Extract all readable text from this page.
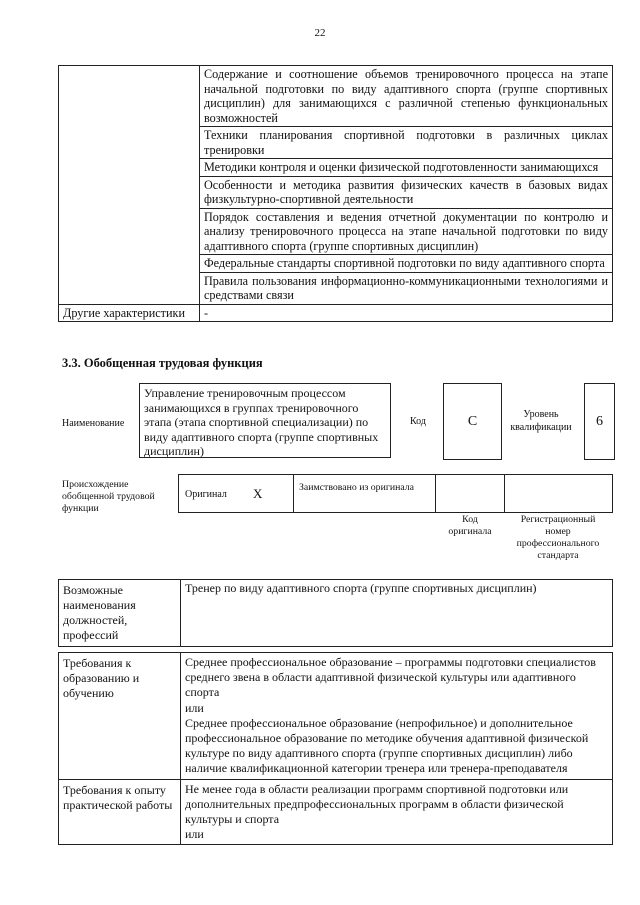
22
	Содержание и соотношение объемов тренировочного процесса на этапе начальной подготовки по виду адаптивного спорта (группе спортивных дисциплин) для занимающихся с различной степенью функциональных возможностей
	Техники планирования спортивной подготовки в различных циклах тренировки
	Методики контроля и оценки физической подготовленности занимающихся
	Особенности и методика развития физических качеств в базовых видах физкультурно-спортивной деятельности
	Порядок составления и ведения отчетной документации по контролю и анализу тренировочного процесса на этапе начальной подготовки по виду адаптивного спорта (группе спортивных дисциплин)
	Федеральные стандарты спортивной подготовки по виду адаптивного спорта
	Правила пользования информационно-коммуникационными технологиями и средствами связи
Другие характеристики	-
3.3. Обобщенная трудовая функция
Наименование
Управление тренировочным процессом занимающихся в группах тренировочного этапа (этапа спортивной специализации) по виду адаптивного спорта (группе спортивных дисциплин)
Код	C	Уровень квалификации	6
Происхождение обобщенной трудовой функции
Оригинал X	Заимствовано из оригинала
Код оригинала
Регистрационный номер профессионального стандарта
Возможные наименования должностей, профессий	Тренер по виду адаптивного спорта (группе спортивных дисциплин)
Требования к образованию и обучению	Среднее профессиональное образование – программы подготовки специалистов среднего звена в области адаптивной физической культуры или адаптивного спорта
или
Среднее профессиональное образование (непрофильное) и дополнительное профессиональное образование по методике обучения адаптивной физической культуре по виду адаптивного спорта (группе спортивных дисциплин) либо наличие квалификационной категории тренера или тренера-преподавателя

Требования к опыту практической работы	Не менее года в области реализации программ спортивной подготовки или дополнительных предпрофессиональных программ в области физической культуры и спорта
или
